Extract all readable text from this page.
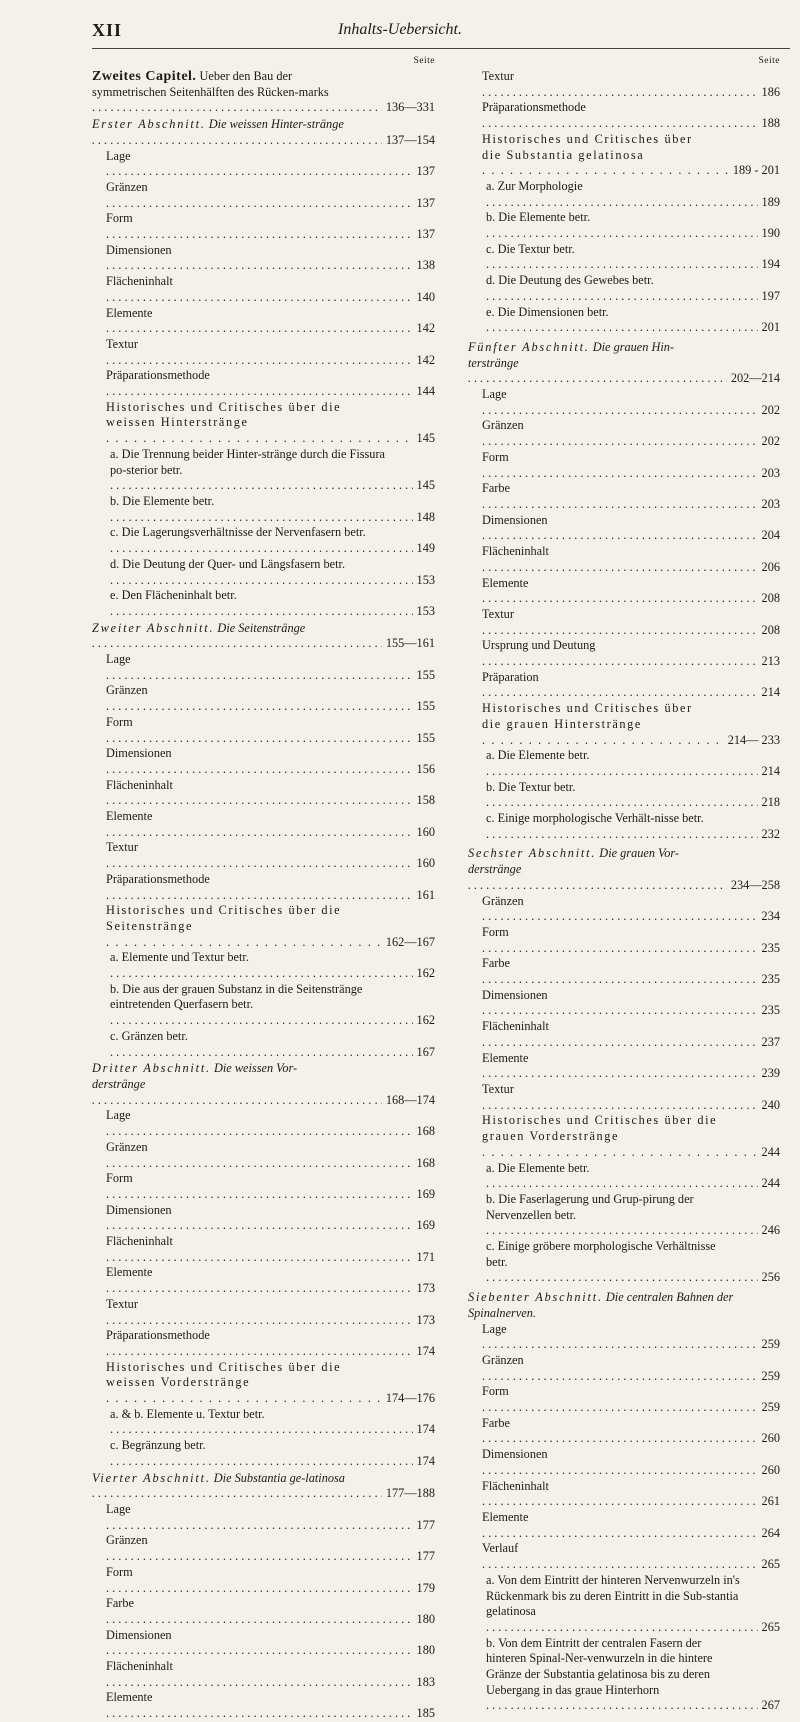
XII	Inhalts-Uebersicht.
Seite
Zweites Capitel. Ueber den Bau der symmetrischen Seitenhälften des Rücken-marks . . .
136—331
Erster Abschnitt. Die weissen Hinter-stränge . . .
137—154
Lage . . .
137
Gränzen . . .
137
Form . . .
137
Dimensionen . . .
138
Flächeninhalt . . .
140
Elemente . . .
142
Textur . . .
142
Präparationsmethode . . .
144
Historisches und Critisches über die weissen Hinterstränge . . .
145
a. Die Trennung beider Hinter-stränge durch die Fissura po-sterior betr. . . .
145
b. Die Elemente betr. . . .
148
c. Die Lagerungsverhältnisse der Nervenfasern betr. . . .
149
d. Die Deutung der Quer- und Längsfasern betr. . . .
153
e. Den Flächeninhalt betr. . . .
153
Zweiter Abschnitt. Die Seitenstränge . . .
155—161
Lage . . .
155
Gränzen . . .
155
Form . . .
155
Dimensionen . . .
156
Flächeninhalt . . .
158
Elemente . . .
160
Textur . . .
160
Präparationsmethode . . .
161
Historisches und Critisches über die Seitenstränge . . .
162—167
a. Elemente und Textur betr. . . .
162
b. Die aus der grauen Substanz in die Seitenstränge eintretenden Querfasern betr. . . .
162
c. Gränzen betr. . . .
167
Dritter Abschnitt. Die weissen Vor-derstränge . . .
168—174
Lage . . .
168
Gränzen . . .
168
Form . . .
169
Dimensionen . . .
169
Flächeninhalt . . .
171
Elemente . . .
173
Textur . . .
173
Präparationsmethode . . .
174
Historisches und Critisches über die weissen Vorderstränge . . .
174—176
a. & b. Elemente u. Textur betr. . . .
174
c. Begränzung betr. . . .
174
Vierter Abschnitt. Die Substantia ge-latinosa . . .
177—188
Lage . . .
177
Gränzen . . .
177
Form . . .
179
Farbe . . .
180
Dimensionen . . .
180
Flächeninhalt . . .
183
Elemente . . .
185
Seite
Textur . . .
186
Präparationsmethode . . .
188
Historisches und Critisches über die Substantia gelatinosa . . .
189 - 201
a. Zur Morphologie . . .
189
b. Die Elemente betr. . . .
190
c. Die Textur betr. . . .
194
d. Die Deutung des Gewebes betr. . . .
197
e. Die Dimensionen betr. . . .
201
Fünfter Abschnitt. Die grauen Hin-terstränge . . .
202—214
Lage . . .
202
Gränzen . . .
202
Form . . .
203
Farbe . . .
203
Dimensionen . . .
204
Flächeninhalt . . .
206
Elemente . . .
208
Textur . . .
208
Ursprung und Deutung . . .
213
Präparation . . .
214
Historisches und Critisches über die grauen Hinterstränge . . .
214— 233
a. Die Elemente betr. . . .
214
b. Die Textur betr. . . .
218
c. Einige morphologische Verhält-nisse betr. . . .
232
Sechster Abschnitt. Die grauen Vor-derstränge . . .
234—258
Gränzen . . .
234
Form . . .
235
Farbe . . .
235
Dimensionen . . .
235
Flächeninhalt . . .
237
Elemente . . .
239
Textur . . .
240
Historisches und Critisches über die grauen Vorderstränge . . .
244
a. Die Elemente betr. . . .
244
b. Die Faserlagerung und Grup-pirung der Nervenzellen betr. . . .
246
c. Einige gröbere morphologische Verhältnisse betr. . . .
256
Siebenter Abschnitt. Die centralen Bahnen der Spinalnerven.
Lage . . .
259
Gränzen . . .
259
Form . . .
259
Farbe . . .
260
Dimensionen . . .
260
Flächeninhalt . . .
261
Elemente . . .
264
Verlauf . . .
265
a. Von dem Eintritt der hinteren Nervenwurzeln in's Rückenmark bis zu deren Eintritt in die Sub-stantia gelatinosa . . .
265
b. Von dem Eintritt der centralen Fasern der hinteren Spinal-Ner-venwurzeln in die hintere Gränze der Substantia gelatinosa bis zu deren Uebergang in das graue Hinterhorn . . .
267
